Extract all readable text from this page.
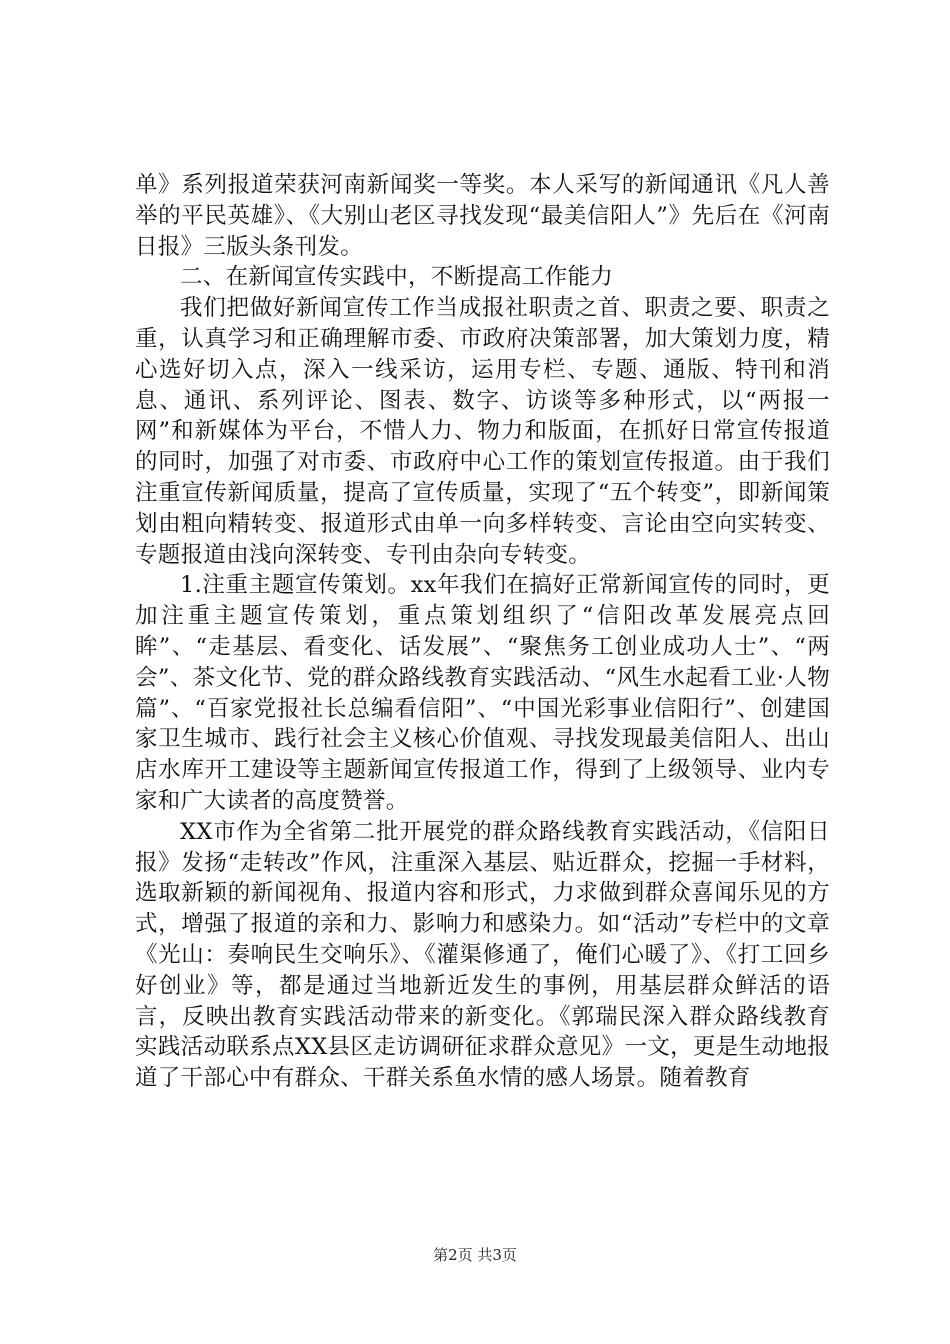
单》系列报道荣获河南新闻奖一等奖。本人采写的新闻通讯《凡人善举的平民英雄》、《大别山老区寻找发现“最美信阳人”》先后在《河南日报》三版头条刊发。

二、在新闻宣传实践中，不断提高工作能力

我们把做好新闻宣传工作当成报社职责之首、职责之要、职责之重，认真学习和正确理解市委、市政府决策部署，加大策划力度，精心选好切入点，深入一线采访，运用专栏、专题、通版、特刊和消息、通讯、系列评论、图表、数字、访谈等多种形式，以“两报一网”和新媒体为平台，不惜人力、物力和版面，在抓好日常宣传报道的同时，加强了对市委、市政府中心工作的策划宣传报道。由于我们注重宣传新闻质量，提高了宣传质量，实现了“五个转变”，即新闻策划由粗向精转变、报道形式由单一向多样转变、言论由空向实转变、专题报道由浅向深转变、专刊由杂向专转变。

1.注重主题宣传策划。xx年我们在搞好正常新闻宣传的同时，更加注重主题宣传策划，重点策划组织了“信阳改革发展亮点回眸”、“走基层、看变化、话发展”、“聚焦务工创业成功人士”、“两会”、茶文化节、党的群众路线教育实践活动、“风生水起看工业·人物篇”、“百家党报社长总编看信阳”、“中国光彩事业信阳行”、创建国家卫生城市、践行社会主义核心价值观、寻找发现最美信阳人、出山店水库开工建设等主题新闻宣传报道工作，得到了上级领导、业内专家和广大读者的高度赞誉。

XX市作为全省第二批开展党的群众路线教育实践活动，《信阳日报》发扬“走转改”作风，注重深入基层、贴近群众，挖掘一手材料，选取新颖的新闻视角、报道内容和形式，力求做到群众喜闻乐见的方式，增强了报道的亲和力、影响力和感染力。如“活动”专栏中的文章《光山：奏响民生交响乐》、《灌渠修通了，俺们心暖了》、《打工回乡好创业》等，都是通过当地新近发生的事例，用基层群众鲜活的语言，反映出教育实践活动带来的新变化。《郭瑞民深入群众路线教育实践活动联系点XX县区走访调研征求群众意见》一文，更是生动地报道了干部心中有群众、干群关系鱼水情的感人场景。随着教育

第2页 共3页
